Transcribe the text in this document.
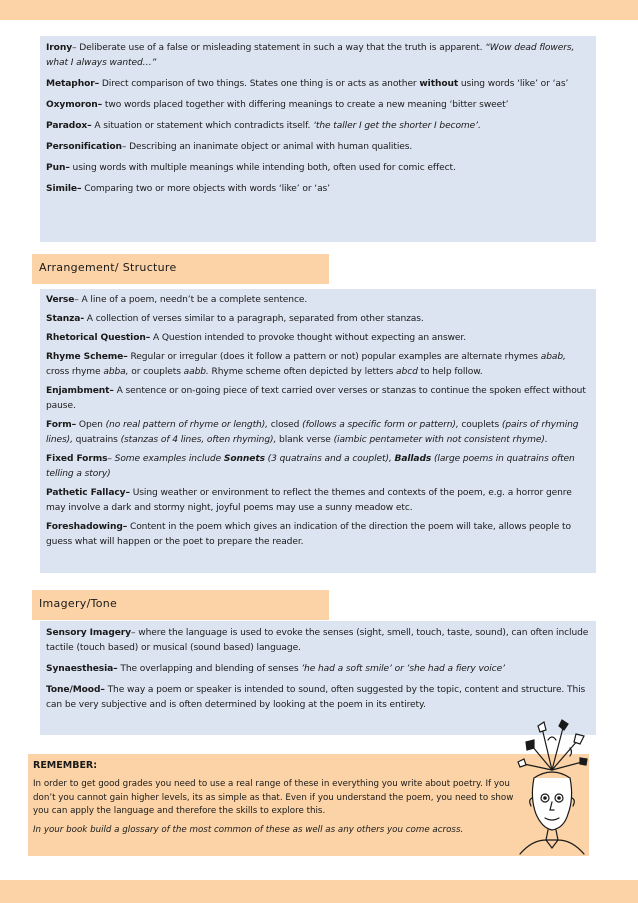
Irony– Deliberate use of a false or misleading statement in such a way that the truth is apparent. “Wow dead flowers, what I always wanted…”
Metaphor– Direct comparison of two things. States one thing is or acts as another without using words ‘like’ or ‘as’
Oxymoron– two words placed together with differing meanings to create a new meaning ‘bitter sweet’
Paradox– A situation or statement which contradicts itself. ‘the taller I get the shorter I become’.
Personification– Describing an inanimate object or animal with human qualities.
Pun– using words with multiple meanings while intending both, often used for comic effect.
Simile– Comparing two or more objects with words ‘like’ or ‘as’
Arrangement/ Structure
Verse– A line of a poem, needn’t be a complete sentence.
Stanza- A collection of verses similar to a paragraph, separated from other stanzas.
Rhetorical Question– A Question intended to provoke thought without expecting an answer.
Rhyme Scheme– Regular or irregular (does it follow a pattern or not) popular examples are alternate rhymes abab, cross rhyme abba, or couplets aabb. Rhyme scheme often depicted by letters abcd to help follow.
Enjambment– A sentence or on-going piece of text carried over verses or stanzas to continue the spoken effect without pause.
Form– Open (no real pattern of rhyme or length), closed (follows a specific form or pattern), couplets (pairs of rhyming lines), quatrains (stanzas of 4 lines, often rhyming), blank verse (iambic pentameter with not consistent rhyme).
Fixed Forms– Some examples include Sonnets (3 quatrains and a couplet), Ballads (large poems in quatrains often telling a story)
Pathetic Fallacy– Using weather or environment to reflect the themes and contexts of the poem, e.g. a horror genre may involve a dark and stormy night, joyful poems may use a sunny meadow etc.
Foreshadowing– Content in the poem which gives an indication of the direction the poem will take, allows people to guess what will happen or the poet to prepare the reader.
Imagery/Tone
Sensory Imagery– where the language is used to evoke the senses (sight, smell, touch, taste, sound), can often include tactile (touch based) or musical (sound based) language.
Synaesthesia– The overlapping and blending of senses ’he had a soft smile’ or ’she had a fiery voice’
Tone/Mood– The way a poem or speaker is intended to sound, often suggested by the topic, content and structure. This can be very subjective and is often determined by looking at the poem in its entirety.
REMEMBER:
In order to get good grades you need to use a real range of these in everything you write about poetry. If you don’t you cannot gain higher levels, its as simple as that. Even if you understand the poem, you need to show you can apply the language and therefore the skills to explore this.
In your book build a glossary of the most common of these as well as any others you come across.
